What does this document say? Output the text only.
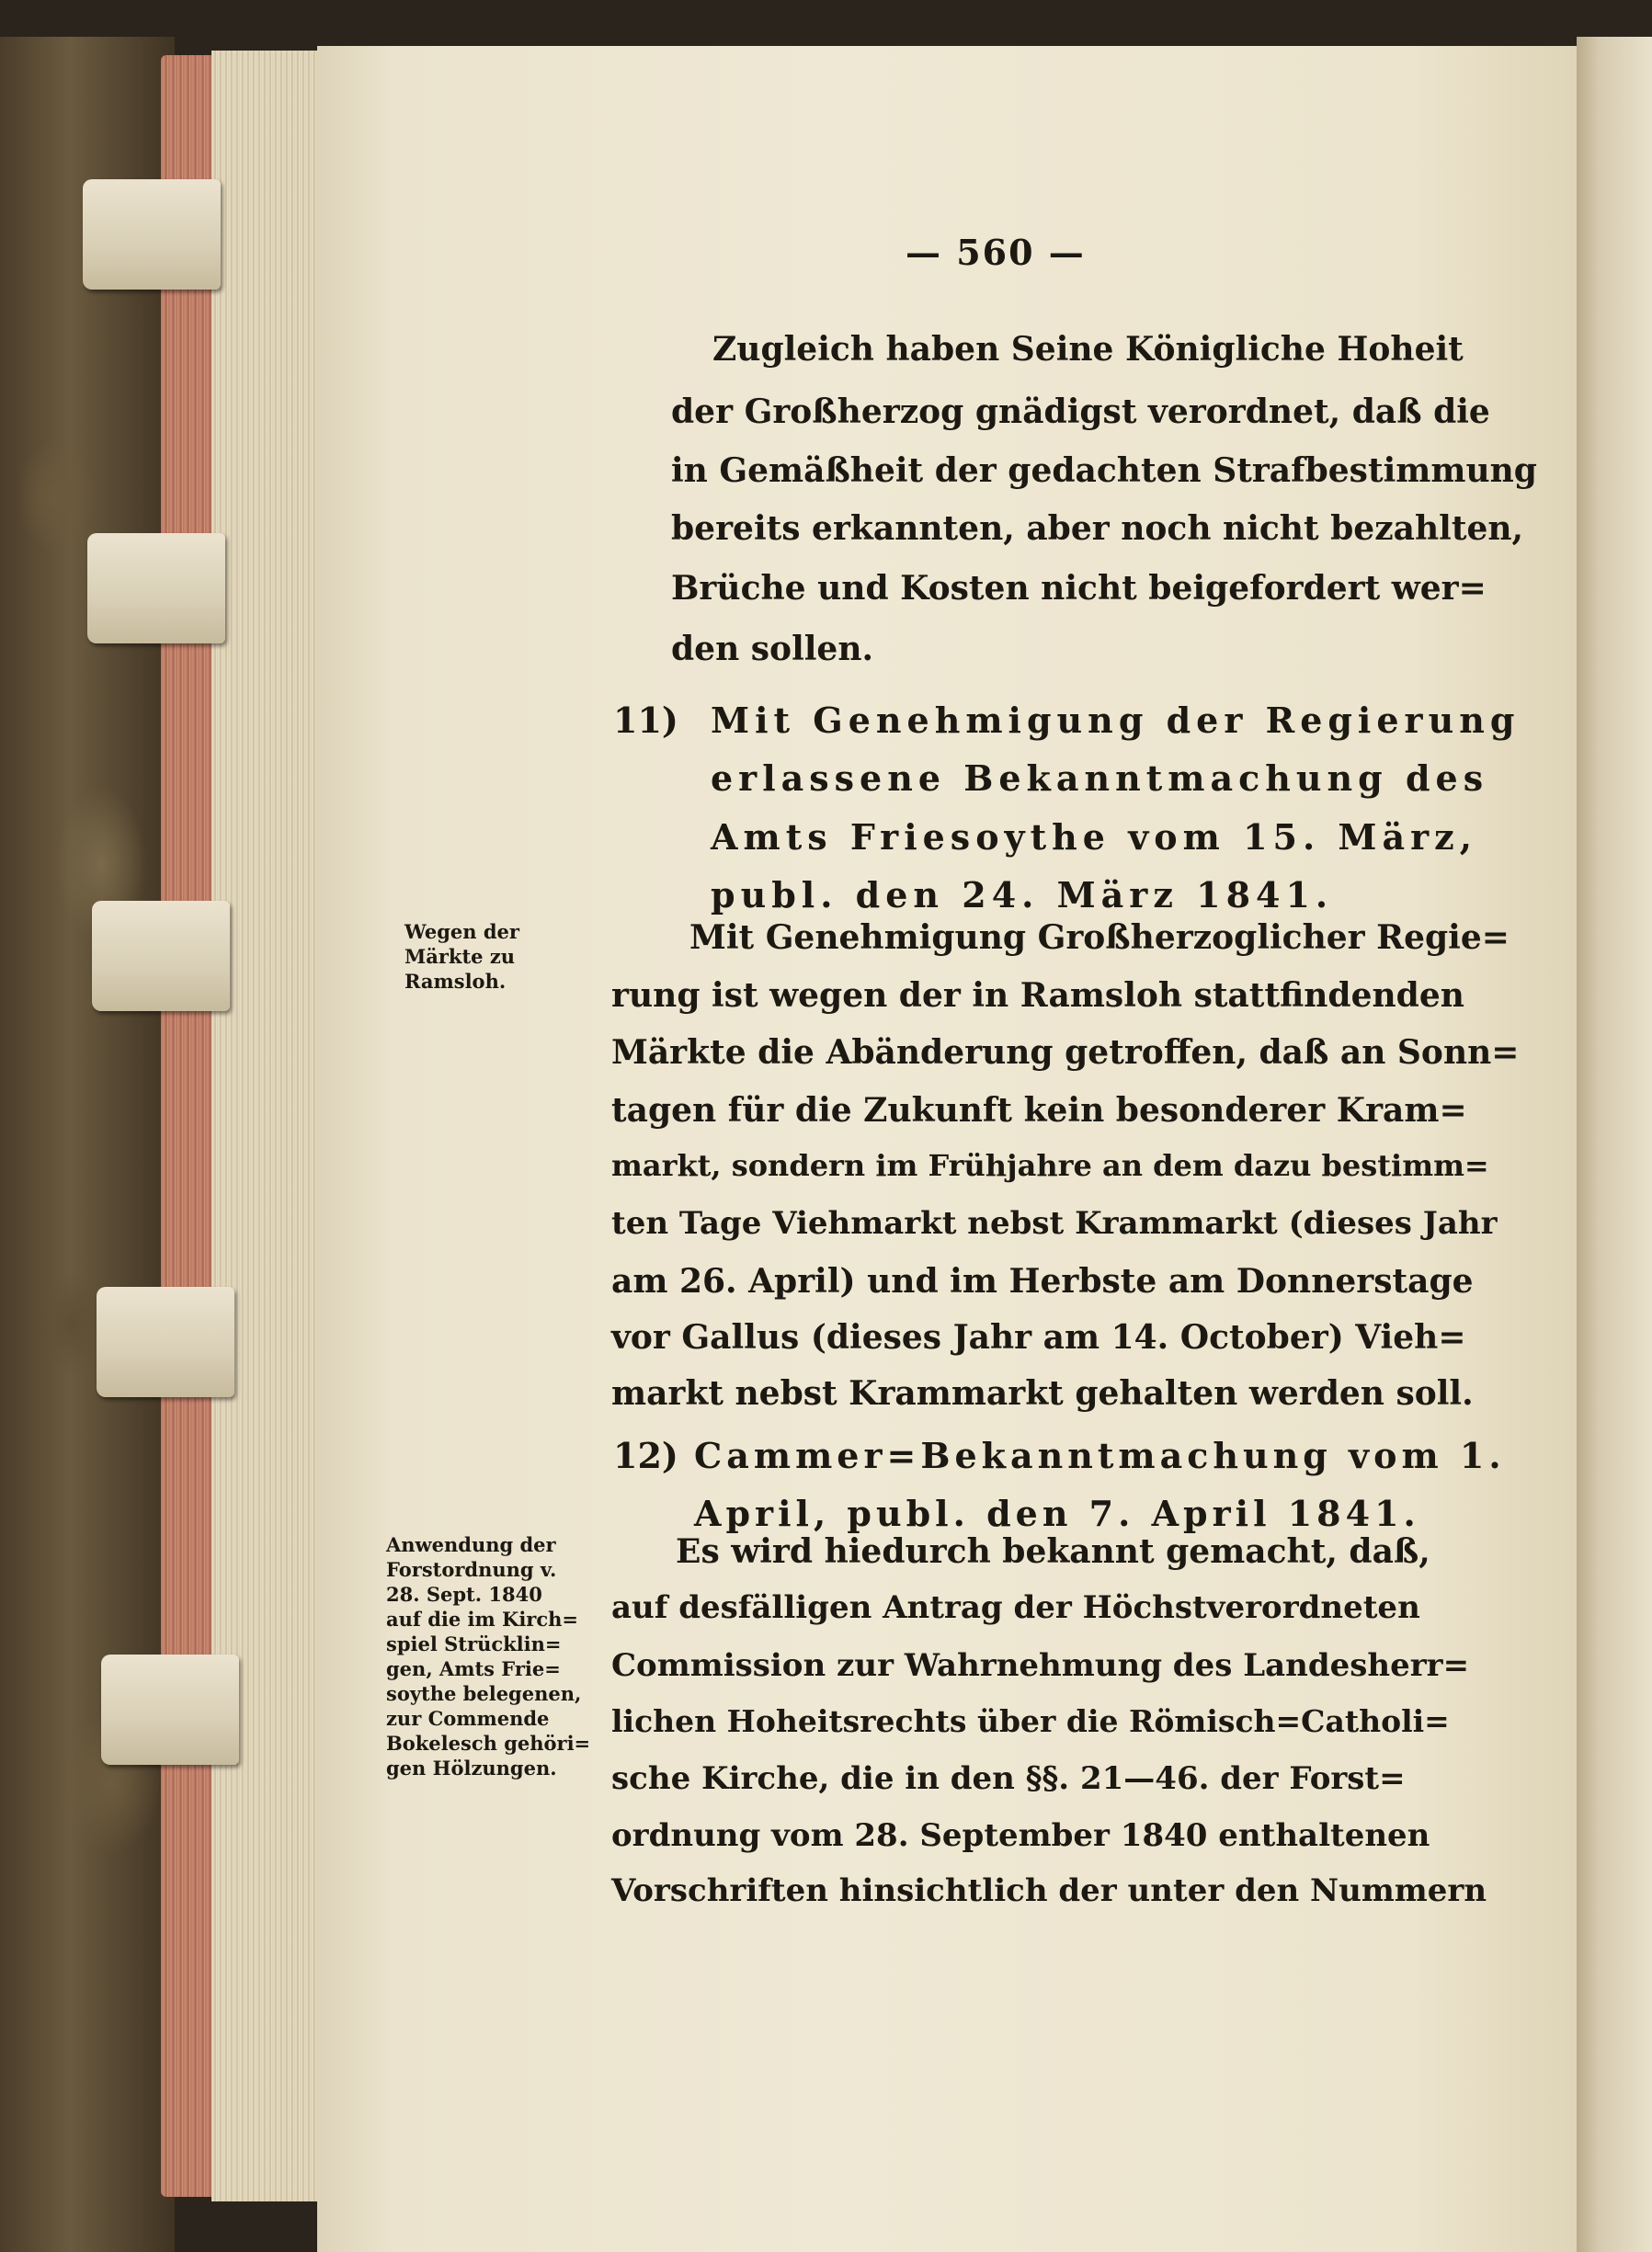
— 560 —
Zugleich haben Seine Königliche Hoheit
der Großherzog gnädigst verordnet, daß die
in Gemäßheit der gedachten Strafbestimmung
bereits erkannten, aber noch nicht bezahlten,
Brüche und Kosten nicht beigefordert wer=
den sollen.
11) Mit Genehmigung der Regierung
erlassene Bekanntmachung des
Amts Friesoythe vom 15. März,
publ. den 24. März 1841.
Wegen der
Märkte zu
Ramsloh.
Mit Genehmigung Großherzoglicher Regie=
rung ist wegen der in Ramsloh stattfindenden
Märkte die Abänderung getroffen, daß an Sonn=
tagen für die Zukunft kein besonderer Kram=
markt, sondern im Frühjahre an dem dazu bestimm=
ten Tage Viehmarkt nebst Krammarkt (dieses Jahr
am 26. April) und im Herbste am Donnerstage
vor Gallus (dieses Jahr am 14. October) Vieh=
markt nebst Krammarkt gehalten werden soll.
12) Cammer=Bekanntmachung vom 1.
April, publ. den 7. April 1841.
Anwendung der
Forstordnung v.
28. Sept. 1840
auf die im Kirch=
spiel Strücklin=
gen, Amts Frie=
soythe belegenen,
zur Commende
Bokelesch gehöri=
gen Hölzungen.
Es wird hiedurch bekannt gemacht, daß,
auf desfälligen Antrag der Höchstverordneten
Commission zur Wahrnehmung des Landesherr=
lichen Hoheitsrechts über die Römisch=Catholi=
sche Kirche, die in den §§. 21—46. der Forst=
ordnung vom 28. September 1840 enthaltenen
Vorschriften hinsichtlich der unter den Nummern
